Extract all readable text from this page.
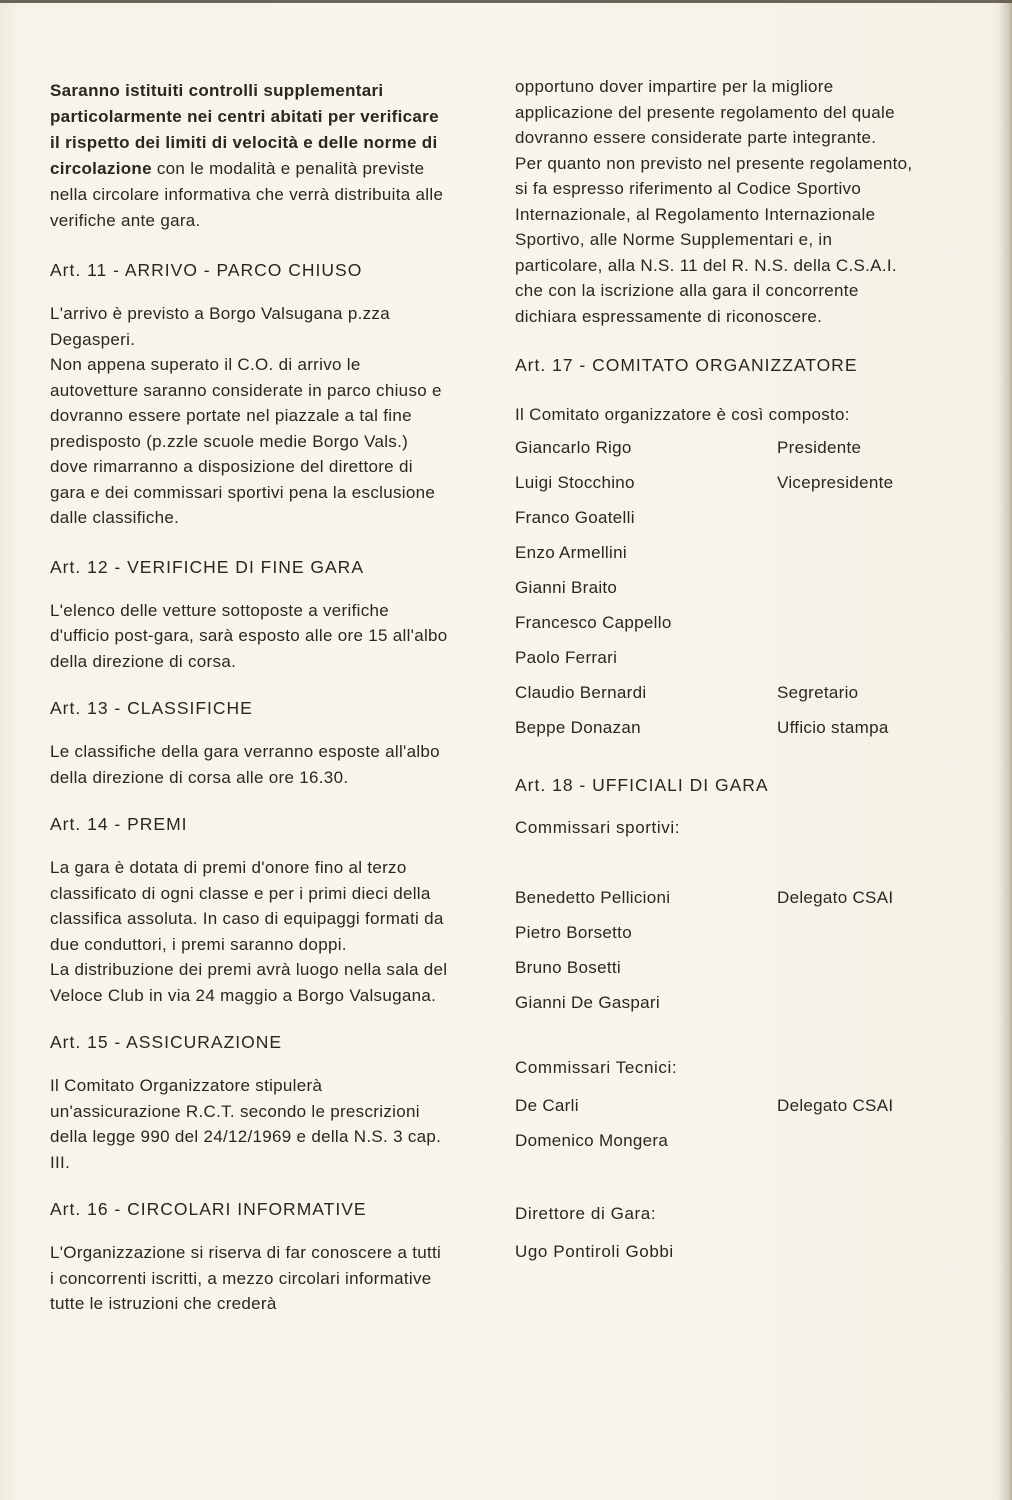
Saranno istituiti controlli supplementari particolarmente nei centri abitati per verificare il rispetto dei limiti di velocità e delle norme di circolazione con le modalità e penalità previste nella circolare informativa che verrà distribuita alle verifiche ante gara.

Art. 11 - ARRIVO - PARCO CHIUSO

L'arrivo è previsto a Borgo Valsugana p.zza Degasperi.

Non appena superato il C.O. di arrivo le autovetture saranno considerate in parco chiuso e dovranno essere portate nel piazzale a tal fine predisposto (p.zzle scuole medie Borgo Vals.) dove rimarranno a disposizione del direttore di gara e dei commissari sportivi pena la esclusione dalle classifiche.

Art. 12 - VERIFICHE DI FINE GARA

L'elenco delle vetture sottoposte a verifiche d'ufficio post-gara, sarà esposto alle ore 15 all'albo della direzione di corsa.

Art. 13 - CLASSIFICHE

Le classifiche della gara verranno esposte all'albo della direzione di corsa alle ore 16.30.

Art. 14 - PREMI

La gara è dotata di premi d'onore fino al terzo classificato di ogni classe e per i primi dieci della classifica assoluta. In caso di equipaggi formati da due conduttori, i premi saranno doppi.

La distribuzione dei premi avrà luogo nella sala del Veloce Club in via 24 maggio a Borgo Valsugana.

Art. 15 - ASSICURAZIONE

Il Comitato Organizzatore stipulerà un'assicurazione R.C.T. secondo le prescrizioni della legge 990 del 24/12/1969 e della N.S. 3 cap. III.

Art. 16 - CIRCOLARI INFORMATIVE

L'Organizzazione si riserva di far conoscere a tutti i concorrenti iscritti, a mezzo circolari informative tutte le istruzioni che crederà

opportuno dover impartire per la migliore applicazione del presente regolamento del quale dovranno essere considerate parte integrante.

Per quanto non previsto nel presente regolamento, si fa espresso riferimento al Codice Sportivo Internazionale, al Regolamento Internazionale Sportivo, alle Norme Supplementari e, in particolare, alla N.S. 11 del R. N.S. della C.S.A.I. che con la iscrizione alla gara il concorrente dichiara espressamente di riconoscere.

Art. 17 - COMITATO ORGANIZZATORE

Il Comitato organizzatore è così composto:

Giancarlo Rigo	Presidente
Luigi Stocchino	Vicepresidente
Franco Goatelli
Enzo Armellini
Gianni Braito
Francesco Cappello
Paolo Ferrari
Claudio Bernardi	Segretario
Beppe Donazan	Ufficio stampa
Art. 18 - UFFICIALI DI GARA
Commissari sportivi:
Benedetto Pellicioni	Delegato CSAI
Pietro Borsetto
Bruno Bosetti
Gianni De Gaspari
Commissari Tecnici:
De Carli	Delegato CSAI
Domenico Mongera
Direttore di Gara:
Ugo Pontiroli Gobbi
